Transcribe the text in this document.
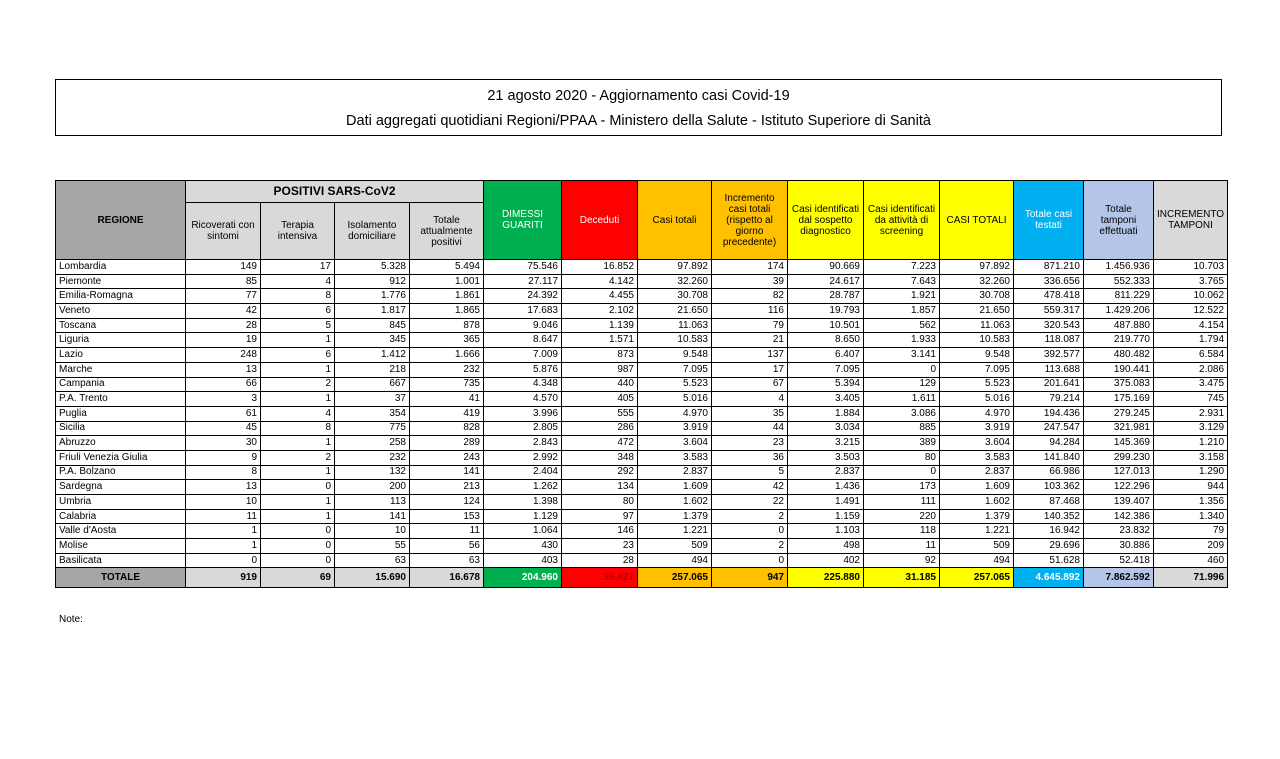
21 agosto 2020 - Aggiornamento casi Covid-19
Dati aggregati quotidiani Regioni/PPAA - Ministero della Salute - Istituto Superiore di Sanità
REGIONE	POSITIVI SARS-CoV2				DIMESSI GUARITI	Deceduti	Casi totali	Incremento casi totali (rispetto al giorno precedente)	Casi identificati dal sospetto diagnostico	Casi identificati da attività di screening	CASI TOTALI	Totale casi testati	Totale tamponi effettuati	INCREMENTO TAMPONI
	Ricoverati con sintomi	Terapia intensiva	Isolamento domiciliare	Totale attualmente positivi										
Lombardia	149	17	5.328	5.494	75.546	16.852	97.892	174	90.669	7.223	97.892	871.210	1.456.936	10.703
Piemonte	85	4	912	1.001	27.117	4.142	32.260	39	24.617	7.643	32.260	336.656	552.333	3.765
Emilia-Romagna	77	8	1.776	1.861	24.392	4.455	30.708	82	28.787	1.921	30.708	478.418	811.229	10.062
Veneto	42	6	1.817	1.865	17.683	2.102	21.650	116	19.793	1.857	21.650	559.317	1.429.206	12.522
Toscana	28	5	845	878	9.046	1.139	11.063	79	10.501	562	11.063	320.543	487.880	4.154
Liguria	19	1	345	365	8.647	1.571	10.583	21	8.650	1.933	10.583	118.087	219.770	1.794
Lazio	248	6	1.412	1.666	7.009	873	9.548	137	6.407	3.141	9.548	392.577	480.482	6.584
Marche	13	1	218	232	5.876	987	7.095	17	7.095	0	7.095	113.688	190.441	2.086
Campania	66	2	667	735	4.348	440	5.523	67	5.394	129	5.523	201.641	375.083	3.475
P.A. Trento	3	1	37	41	4.570	405	5.016	4	3.405	1.611	5.016	79.214	175.169	745
Puglia	61	4	354	419	3.996	555	4.970	35	1.884	3.086	4.970	194.436	279.245	2.931
Sicilia	45	8	775	828	2.805	286	3.919	44	3.034	885	3.919	247.547	321.981	3.129
Abruzzo	30	1	258	289	2.843	472	3.604	23	3.215	389	3.604	94.284	145.369	1.210
Friuli Venezia Giulia	9	2	232	243	2.992	348	3.583	36	3.503	80	3.583	141.840	299.230	3.158
P.A. Bolzano	8	1	132	141	2.404	292	2.837	5	2.837	0	2.837	66.986	127.013	1.290
Sardegna	13	0	200	213	1.262	134	1.609	42	1.436	173	1.609	103.362	122.296	944
Umbria	10	1	113	124	1.398	80	1.602	22	1.491	111	1.602	87.468	139.407	1.356
Calabria	11	1	141	153	1.129	97	1.379	2	1.159	220	1.379	140.352	142.386	1.340
Valle d'Aosta	1	0	10	11	1.064	146	1.221	0	1.103	118	1.221	16.942	23.832	79
Molise	1	0	55	56	430	23	509	2	498	11	509	29.696	30.886	209
Basilicata	0	0	63	63	403	28	494	0	402	92	494	51.628	52.418	460
TOTALE	919	69	15.690	16.678	204.960	35.427	257.065	947	225.880	31.185	257.065	4.645.892	7.862.592	71.996
Note:
